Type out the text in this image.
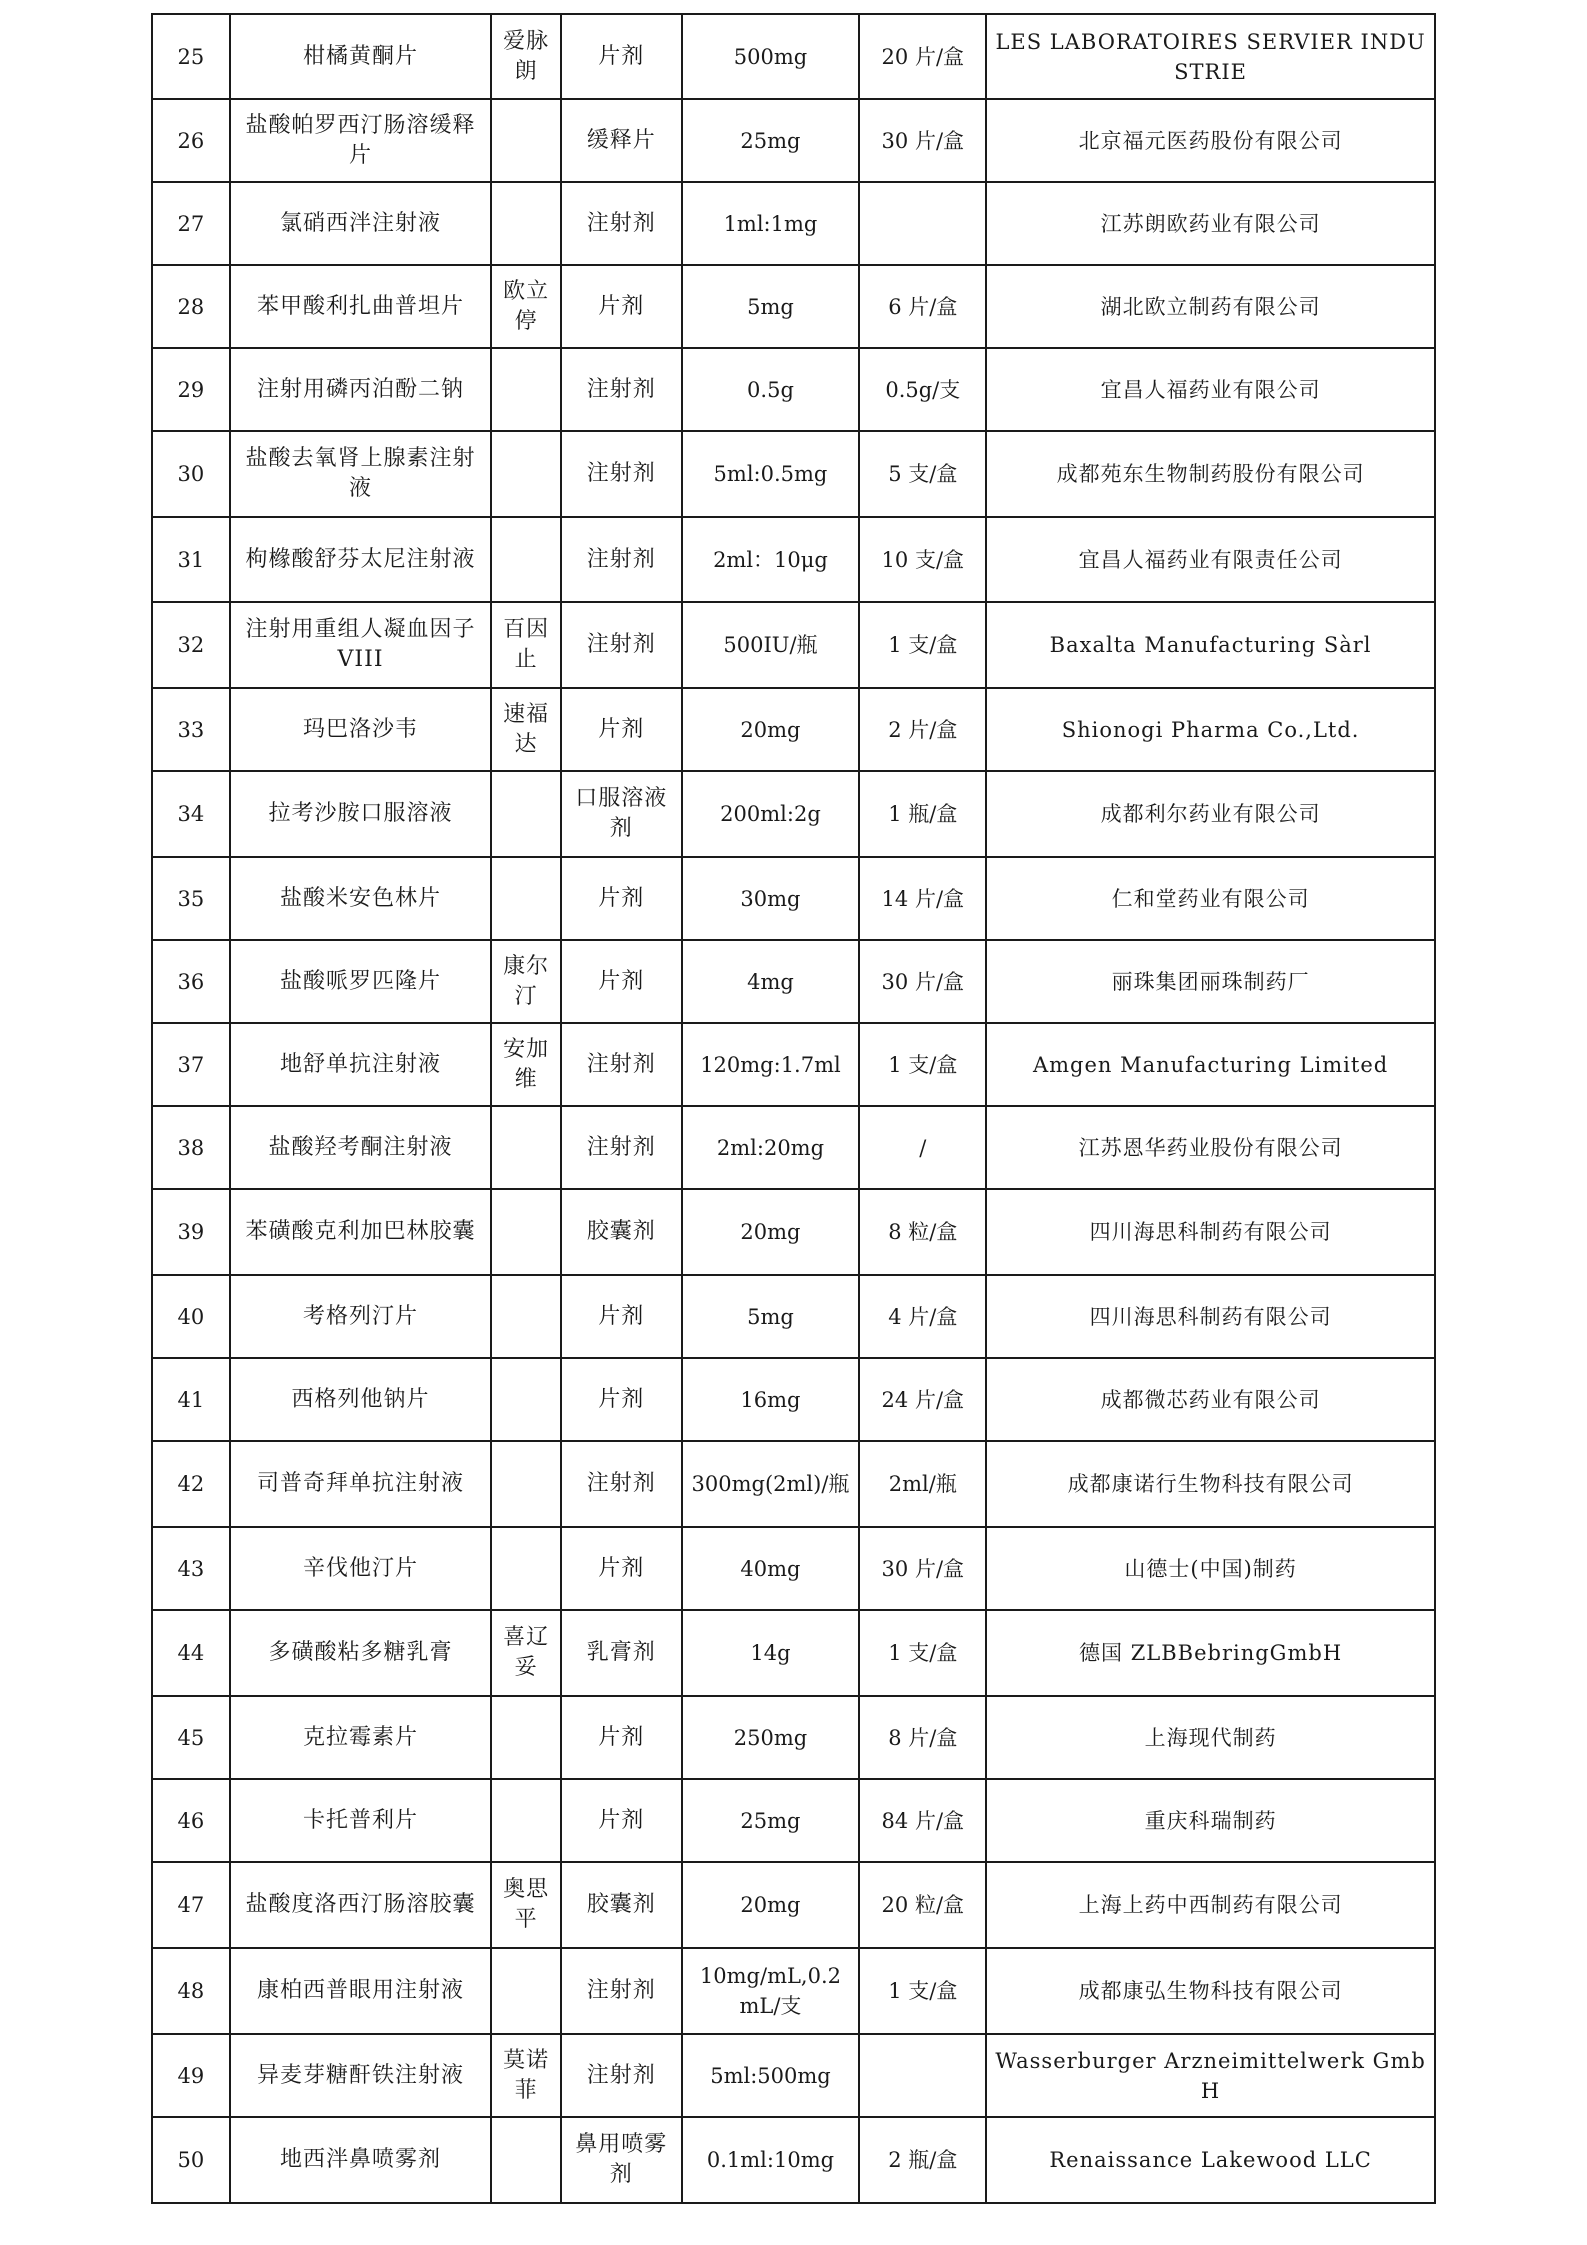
25	柑橘黄酮片	爱脉朗	片剂	500mg	20 片/盒	LES LABORATOIRES SERVIER INDUSTRIE
26	盐酸帕罗西汀肠溶缓释片		缓释片	25mg	30 片/盒	北京福元医药股份有限公司
27	氯硝西泮注射液		注射剂	1ml:1mg		江苏朗欧药业有限公司
28	苯甲酸利扎曲普坦片	欧立停	片剂	5mg	6 片/盒	湖北欧立制药有限公司
29	注射用磷丙泊酚二钠		注射剂	0.5g	0.5g/支	宜昌人福药业有限公司
30	盐酸去氧肾上腺素注射液		注射剂	5ml:0.5mg	5 支/盒	成都苑东生物制药股份有限公司
31	枸橼酸舒芬太尼注射液		注射剂	2ml：10μg	10 支/盒	宜昌人福药业有限责任公司
32	注射用重组人凝血因子VIII	百因止	注射剂	500IU/瓶	1 支/盒	Baxalta Manufacturing Sàrl
33	玛巴洛沙韦	速福达	片剂	20mg	2 片/盒	Shionogi Pharma Co.,Ltd.
34	拉考沙胺口服溶液		口服溶液剂	200ml:2g	1 瓶/盒	成都利尔药业有限公司
35	盐酸米安色林片		片剂	30mg	14 片/盒	仁和堂药业有限公司
36	盐酸哌罗匹隆片	康尔汀	片剂	4mg	30 片/盒	丽珠集团丽珠制药厂
37	地舒单抗注射液	安加维	注射剂	120mg:1.7ml	1 支/盒	Amgen Manufacturing Limited
38	盐酸羟考酮注射液		注射剂	2ml:20mg	/	江苏恩华药业股份有限公司
39	苯磺酸克利加巴林胶囊		胶囊剂	20mg	8 粒/盒	四川海思科制药有限公司
40	考格列汀片		片剂	5mg	4 片/盒	四川海思科制药有限公司
41	西格列他钠片		片剂	16mg	24 片/盒	成都微芯药业有限公司
42	司普奇拜单抗注射液		注射剂	300mg(2ml)/瓶	2ml/瓶	成都康诺行生物科技有限公司
43	辛伐他汀片		片剂	40mg	30 片/盒	山德士(中国)制药
44	多磺酸粘多糖乳膏	喜辽妥	乳膏剂	14g	1 支/盒	德国 ZLBBebringGmbH
45	克拉霉素片		片剂	250mg	8 片/盒	上海现代制药
46	卡托普利片		片剂	25mg	84 片/盒	重庆科瑞制药
47	盐酸度洛西汀肠溶胶囊	奥思平	胶囊剂	20mg	20 粒/盒	上海上药中西制药有限公司
48	康柏西普眼用注射液		注射剂	10mg/mL,0.2mL/支	1 支/盒	成都康弘生物科技有限公司
49	异麦芽糖酐铁注射液	莫诺菲	注射剂	5ml:500mg		Wasserburger Arzneimittelwerk GmbH
50	地西泮鼻喷雾剂		鼻用喷雾剂	0.1ml:10mg	2 瓶/盒	Renaissance Lakewood LLC
